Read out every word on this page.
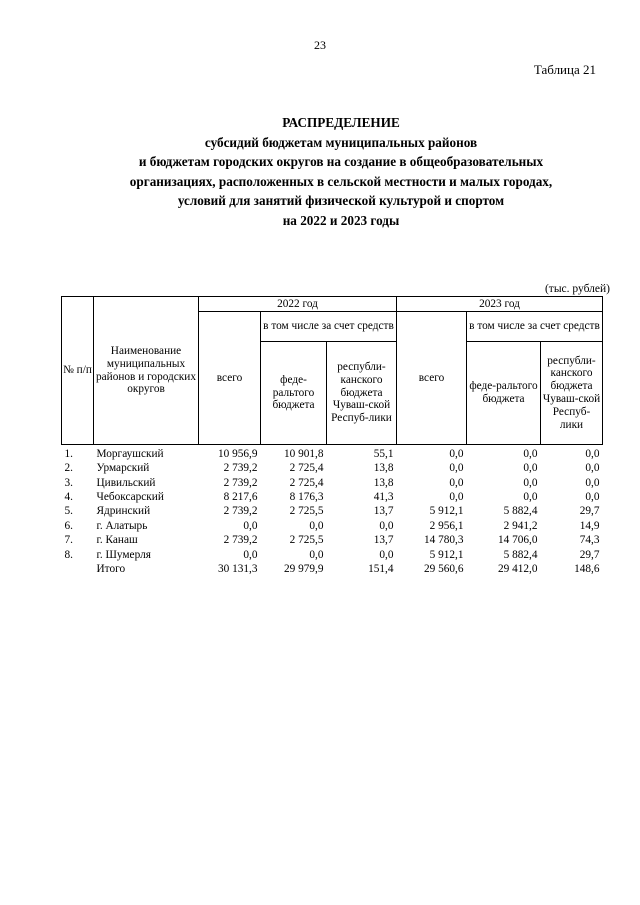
23
Таблица 21
РАСПРЕДЕЛЕНИЕ
субсидий бюджетам муниципальных районов
и бюджетам городских округов на создание в общеобразовательных
организациях, расположенных в сельской местности и малых городах,
условий для занятий физической культурой и спортом
на 2022 и 2023 годы
(тыс. рублей)
№ п/п	Наименование муниципальных районов и городских округов	2022 год			2023 год		
		всего	в том числе за счет средств		всего	в том числе за счет средств	
			феде-ральтого бюджета	республи-канского бюджета Чуваш-ской Респуб-лики		феде-ральтого бюджета	республи-канского бюджета Чуваш-ской Респуб-лики
1.	Моргаушский	10 956,9	10 901,8	55,1	0,0	0,0	0,0
2.	Урмарский	2 739,2	2 725,4	13,8	0,0	0,0	0,0
3.	Цивильский	2 739,2	2 725,4	13,8	0,0	0,0	0,0
4.	Чебоксарский	8 217,6	8 176,3	41,3	0,0	0,0	0,0
5.	Ядринский	2 739,2	2 725,5	13,7	5 912,1	5 882,4	29,7
6.	г. Алатырь	0,0	0,0	0,0	2 956,1	2 941,2	14,9
7.	г. Канаш	2 739,2	2 725,5	13,7	14 780,3	14 706,0	74,3
8.	г. Шумерля	0,0	0,0	0,0	5 912,1	5 882,4	29,7
	Итого	30 131,3	29 979,9	151,4	29 560,6	29 412,0	148,6
